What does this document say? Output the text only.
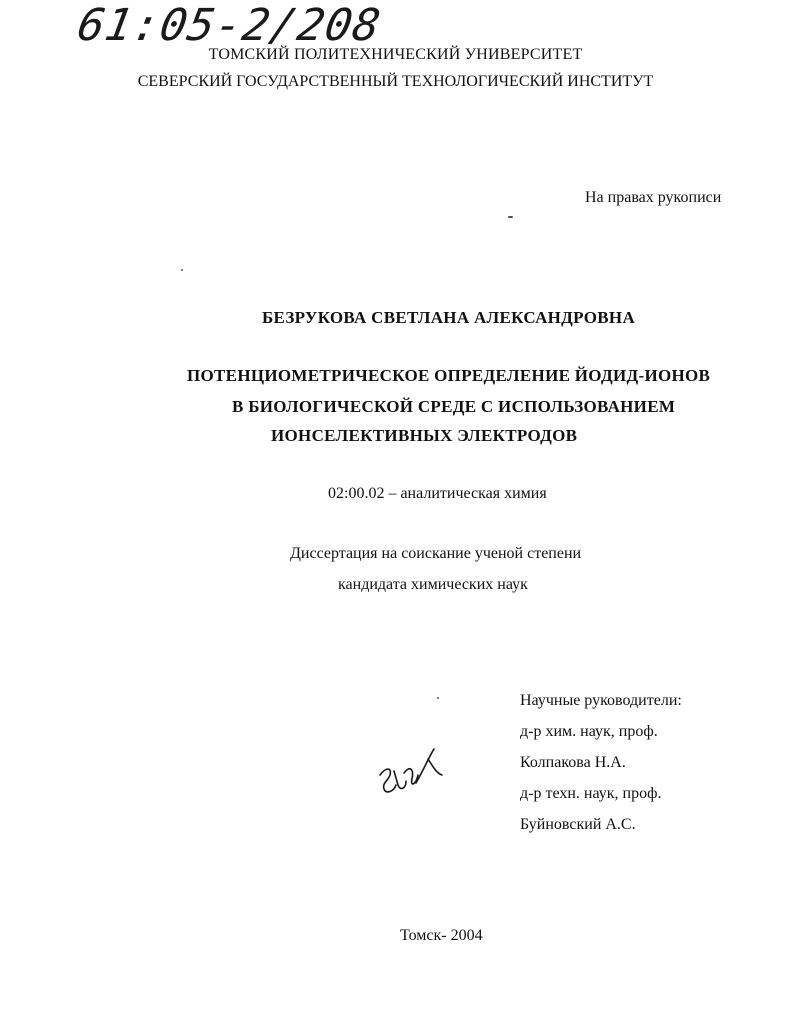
61:05-2/208
ТОМСКИЙ ПОЛИТЕХНИЧЕСКИЙ УНИВЕРСИТЕТ
СЕВЕРСКИЙ ГОСУДАРСТВЕННЫЙ ТЕХНОЛОГИЧЕСКИЙ ИНСТИТУТ
На правах рукописи
БЕЗРУКОВА СВЕТЛАНА АЛЕКСАНДРОВНА
ПОТЕНЦИОМЕТРИЧЕСКОЕ ОПРЕДЕЛЕНИЕ ЙОДИД-ИОНОВ
В БИОЛОГИЧЕСКОЙ СРЕДЕ С ИСПОЛЬЗОВАНИЕМ
ИОНСЕЛЕКТИВНЫХ ЭЛЕКТРОДОВ
02:00.02 – аналитическая химия
Диссертация на соискание ученой степени
кандидата химических наук
Научные руководители:
д-р хим. наук, проф.
Колпакова Н.А.
д-р техн. наук, проф.
Буйновский А.С.
Томск- 2004
